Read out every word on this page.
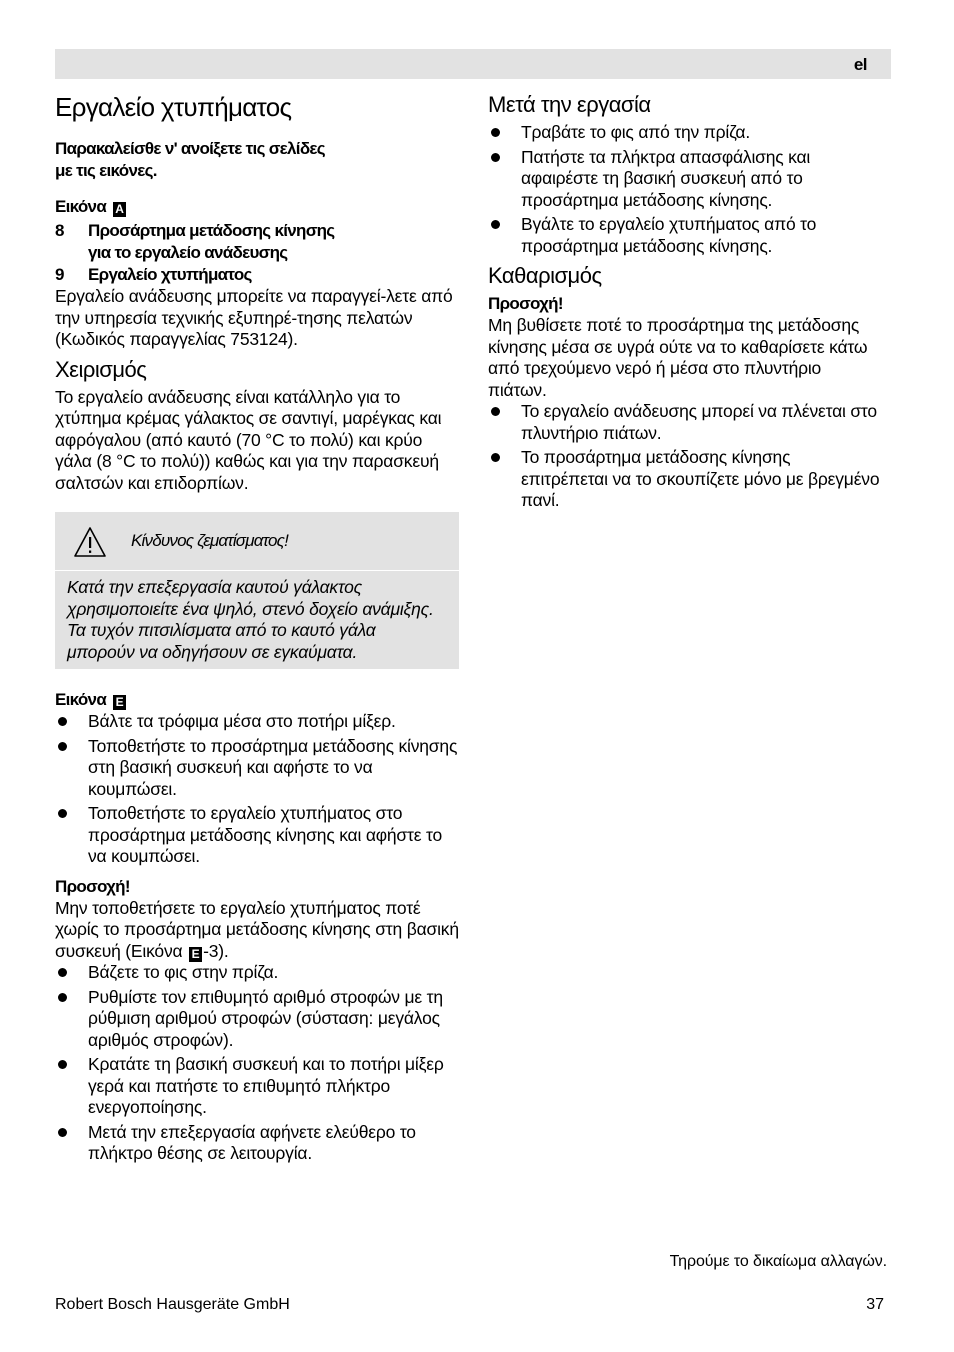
el
Εργαλείο χτυπήματος
Παρακαλείσθε ν' ανοίξετε τις σελίδες
με τις εικόνες.
Εικόνα A
8 Προσάρτημα μετάδοσης κίνησης
για το εργαλείο ανάδευσης
9 Εργαλείο χτυπήματος

Εργαλείο ανάδευσης μπορείτε να παραγγεί-λετε από την υπηρεσία τεχνικής εξυπηρέ-τησης πελατών (Κωδικός παραγγελίας 753124).

Χειρισμός

Το εργαλείο ανάδευσης είναι κατάλληλο για το χτύπημα κρέμας γάλακτος σε σαντιγί, μαρέγκας και αφρόγαλου (από καυτό (70 °C το πολύ) και κρύο γάλα (8 °C το πολύ)) καθώς και για την παρασκευή σαλτσών και επιδορπίων.

Κίνδυνος ζεματίσματος!
Κατά την επεξεργασία καυτού γάλακτος χρησιμοποιείτε ένα ψηλό, στενό δοχείο ανάμιξης. Τα τυχόν πιτσιλίσματα από το καυτό γάλα μπορούν να οδηγήσουν σε εγκαύματα.
Εικόνα E
Βάλτε τα τρόφιμα μέσα στο ποτήρι μίξερ.
Τοποθετήστε το προσάρτημα μετάδοσης κίνησης στη βασική συσκευή και αφήστε το να κουμπώσει.
Τοποθετήστε το εργαλείο χτυπήματος στο προσάρτημα μετάδοσης κίνησης και αφήστε το να κουμπώσει.
Προσοχή!

Μην τοποθετήσετε το εργαλείο χτυπήματος ποτέ χωρίς το προσάρτημα μετάδοσης κίνησης στη βασική συσκευή (Εικόνα E -3).

Βάζετε το φις στην πρίζα.
Ρυθμίστε τον επιθυμητό αριθμό στροφών με τη ρύθμιση αριθμού στροφών (σύσταση: μεγάλος αριθμός στροφών).
Κρατάτε τη βασική συσκευή και το ποτήρι μίξερ γερά και πατήστε το επιθυμητό πλήκτρο ενεργοποίησης.
Μετά την επεξεργασία αφήνετε ελεύθερο το πλήκτρο θέσης σε λειτουργία.
Μετά την εργασία
Τραβάτε το φις από την πρίζα.
Πατήστε τα πλήκτρα απασφάλισης και αφαιρέστε τη βασική συσκευή από το προσάρτημα μετάδοσης κίνησης.
Βγάλτε το εργαλείο χτυπήματος από το προσάρτημα μετάδοσης κίνησης.
Καθαρισμός
Προσοχή!

Μη βυθίσετε ποτέ το προσάρτημα της μετάδοσης κίνησης μέσα σε υγρά ούτε να το καθαρίσετε κάτω από τρεχούμενο νερό ή μέσα στο πλυντήριο πιάτων.

Το εργαλείο ανάδευσης μπορεί να πλένεται στο πλυντήριο πιάτων.
Το προσάρτημα μετάδοσης κίνησης επιτρέπεται να το σκουπίζετε μόνο με βρεγμένο πανί.
Τηρούμε το δικαίωμα αλλαγών.
Robert Bosch Hausgeräte GmbH	37
